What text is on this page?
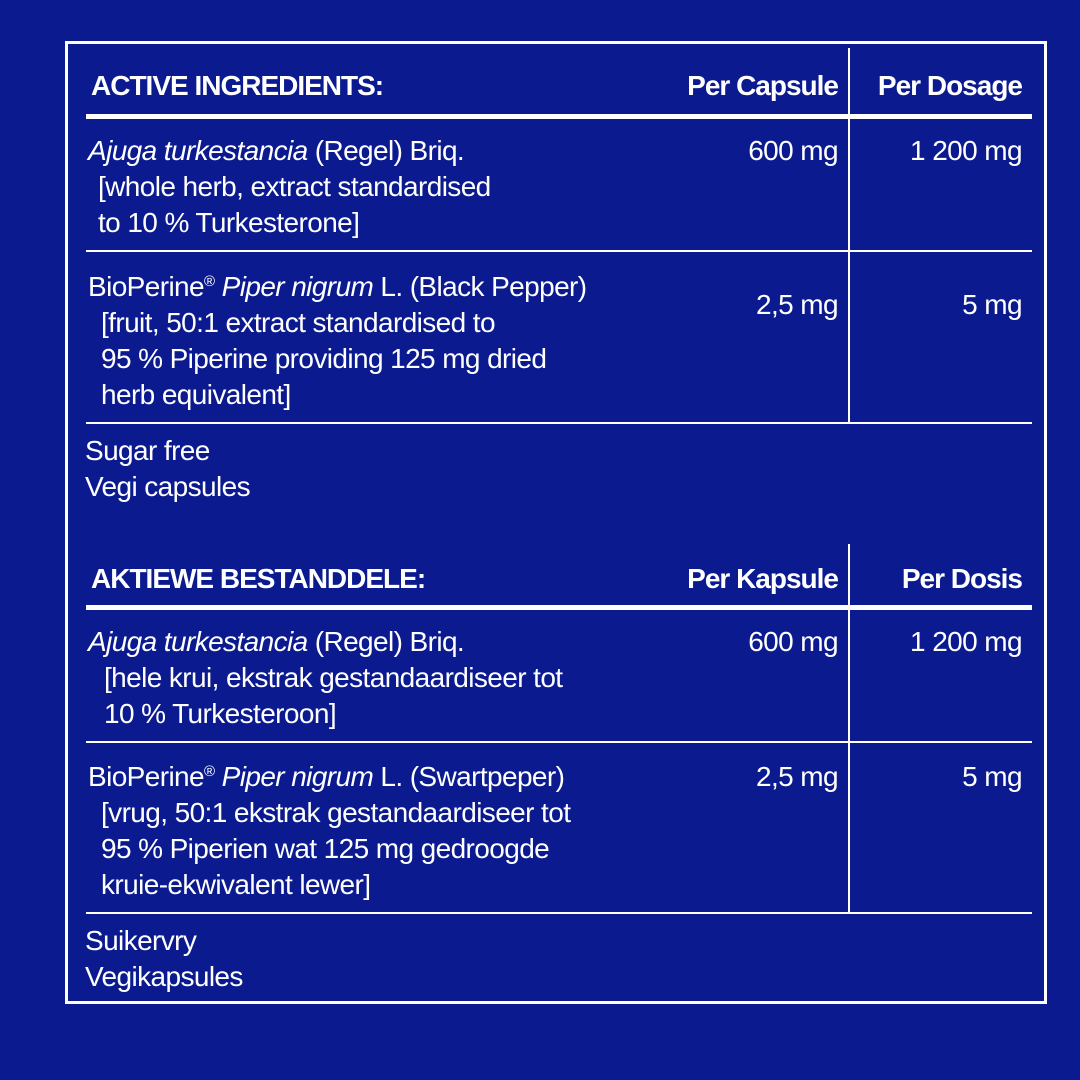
ACTIVE INGREDIENTS:	Per Capsule	Per Dosage
Ajuga turkestancia (Regel) Briq.
[whole herb, extract standardised
to 10 % Turkesterone]
600 mg	1 200 mg
BioPerine® Piper nigrum L. (Black Pepper)
[fruit, 50:1 extract standardised to
95 % Piperine providing 125 mg dried
herb equivalent]
2,5 mg	5 mg
Sugar free
Vegi capsules
AKTIEWE BESTANDDELE:	Per Kapsule	Per Dosis
Ajuga turkestancia (Regel) Briq.
[hele krui, ekstrak gestandaardiseer tot
10 % Turkesteroon]
600 mg	1 200 mg
BioPerine® Piper nigrum L. (Swartpeper)
[vrug, 50:1 ekstrak gestandaardiseer tot
95 % Piperien wat 125 mg gedroogde
kruie-ekwivalent lewer]
2,5 mg	5 mg
Suikervry
Vegikapsules
